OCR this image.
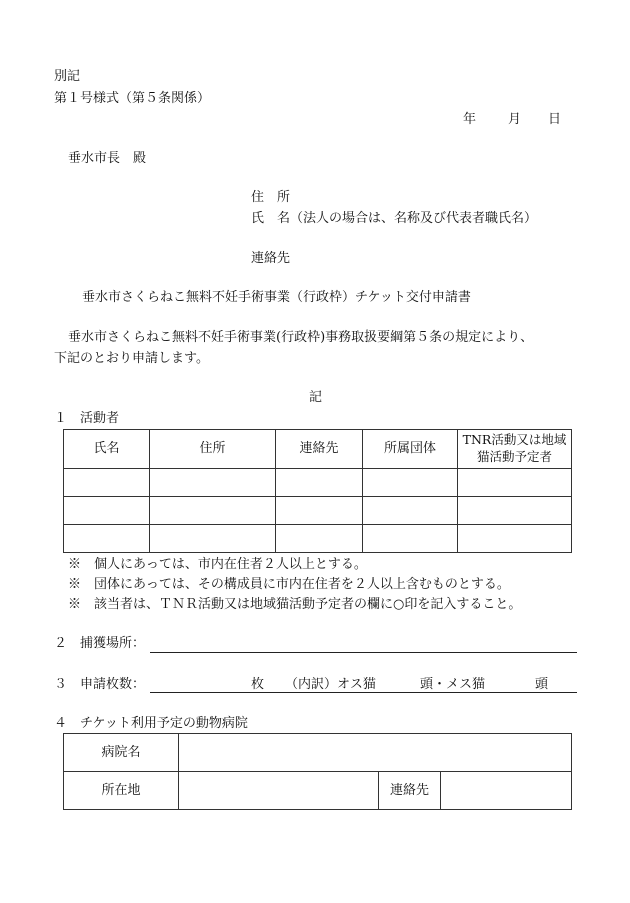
別記
第１号様式（第５条関係）
年 月 日
垂水市長　殿
住　所
氏　名（法人の場合は、名称及び代表者職氏名）
連絡先
垂水市さくらねこ無料不妊手術事業（行政枠）チケット交付申請書
垂水市さくらねこ無料不妊手術事業(行政枠)事務取扱要綱第５条の規定により、
下記のとおり申請します。
記
１　活動者
氏名	住所	連絡先	所属団体	TNR活動又は地域猫活動予定者

※　個人にあっては、市内在住者２人以上とする。
※　団体にあっては、その構成員に市内在住者を２人以上含むものとする。
※　該当者は、ＴＮＲ活動又は地域猫活動予定者の欄に○印を記入すること。
２　捕獲場所：
３　申請枚数：	枚 （内訳）オス猫	頭・メス猫	頭
４　チケット利用予定の動物病院
病院名			
所在地		連絡先	
